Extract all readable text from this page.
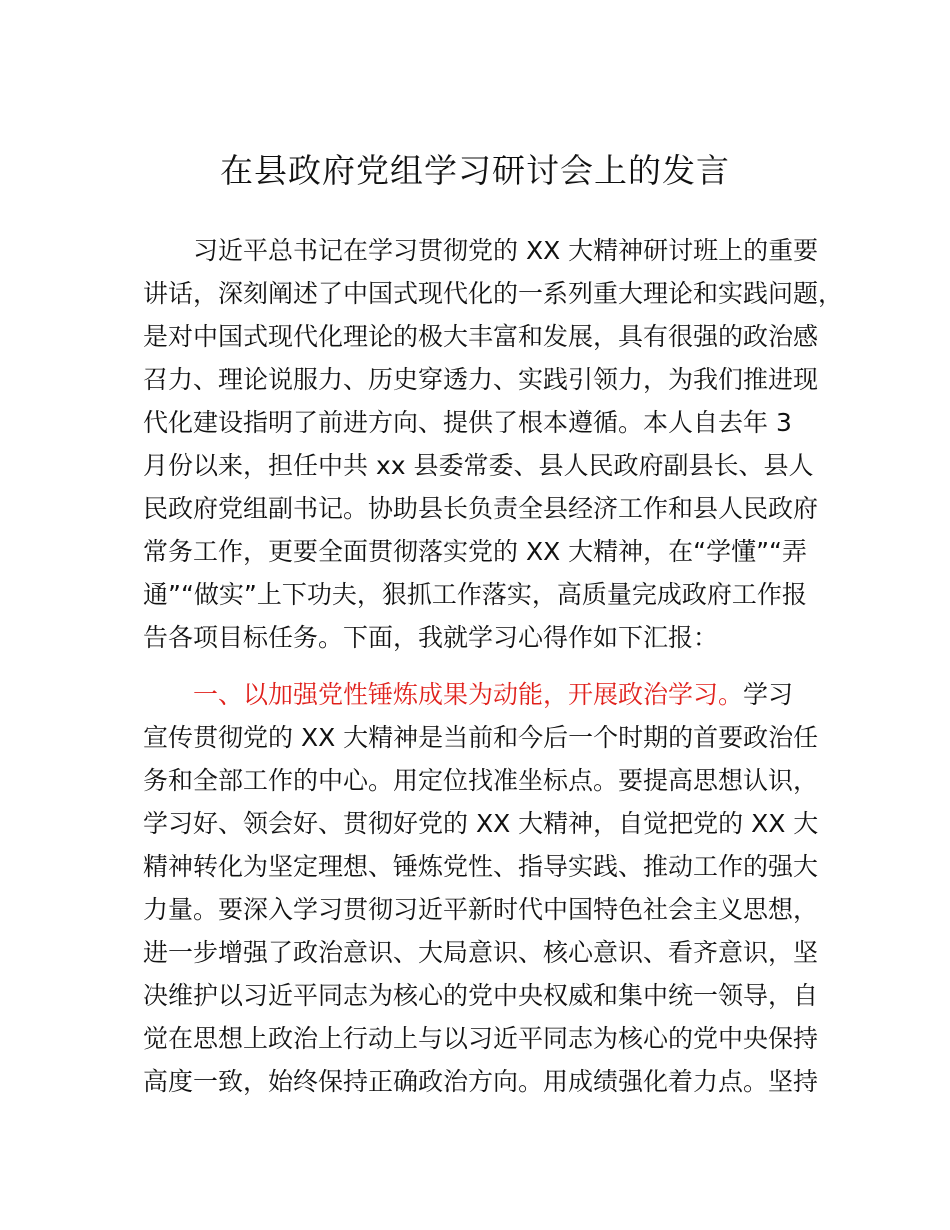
在县政府党组学习研讨会上的发言
习近平总书记在学习贯彻党的 XX 大精神研讨班上的重要
讲话，深刻阐述了中国式现代化的一系列重大理论和实践问题，
是对中国式现代化理论的极大丰富和发展，具有很强的政治感
召力、理论说服力、历史穿透力、实践引领力，为我们推进现
代化建设指明了前进方向、提供了根本遵循。本人自去年 3
月份以来，担任中共 xx 县委常委、县人民政府副县长、县人
民政府党组副书记。协助县长负责全县经济工作和县人民政府
常务工作，更要全面贯彻落实党的 XX 大精神，在“学懂”“弄
通”“做实”上下功夫，狠抓工作落实，高质量完成政府工作报
告各项目标任务。下面，我就学习心得作如下汇报：
一、以加强党性锤炼成果为动能，开展政治学习。学习
宣传贯彻党的 XX 大精神是当前和今后一个时期的首要政治任
务和全部工作的中心。用定位找准坐标点。要提高思想认识，
学习好、领会好、贯彻好党的 XX 大精神，自觉把党的 XX 大
精神转化为坚定理想、锤炼党性、指导实践、推动工作的强大
力量。要深入学习贯彻习近平新时代中国特色社会主义思想，
进一步增强了政治意识、大局意识、核心意识、看齐意识，坚
决维护以习近平同志为核心的党中央权威和集中统一领导，自
觉在思想上政治上行动上与以习近平同志为核心的党中央保持
高度一致，始终保持正确政治方向。用成绩强化着力点。坚持
